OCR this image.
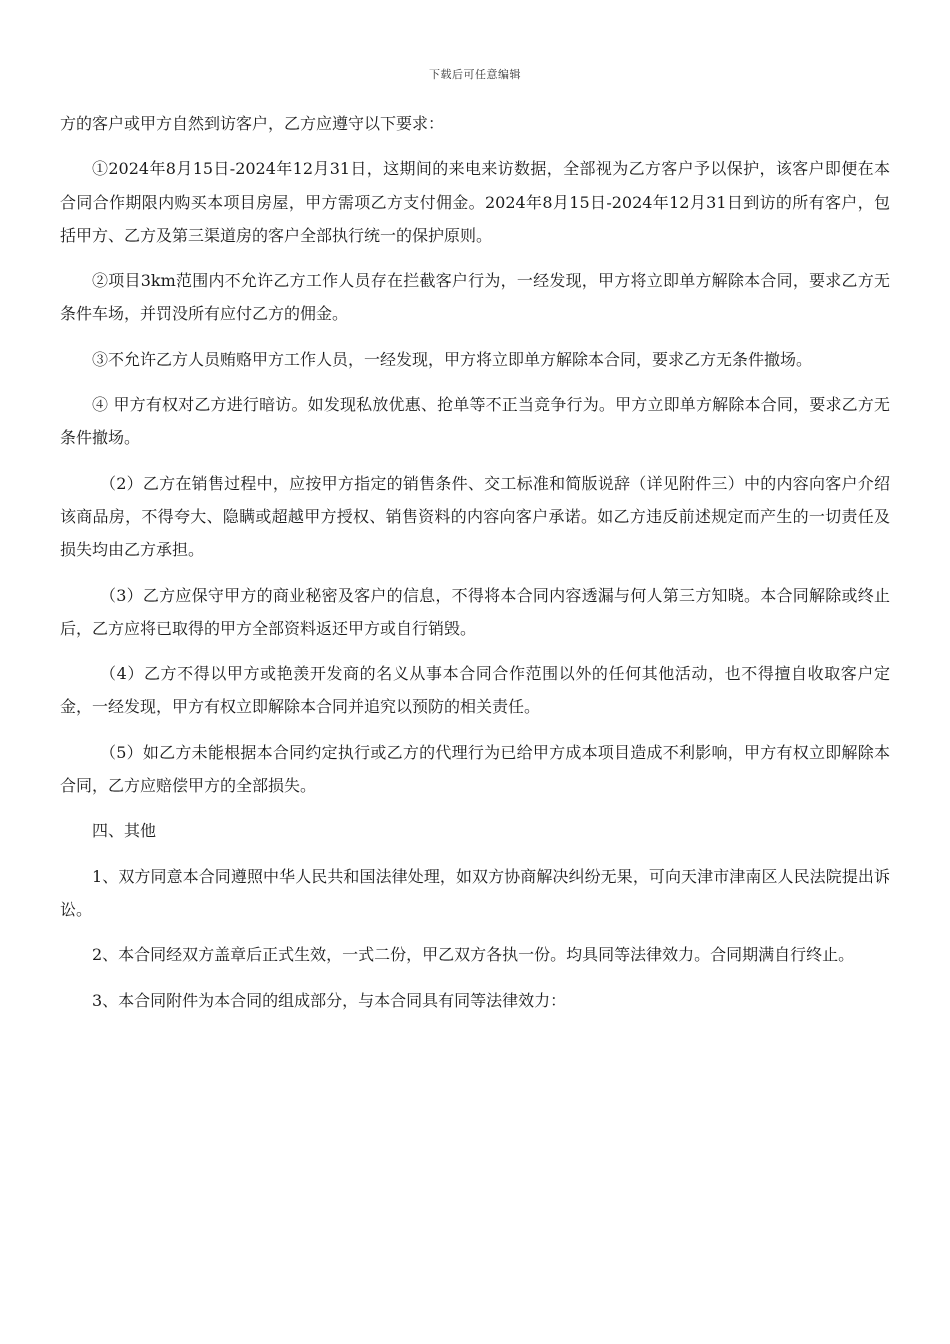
下载后可任意编辑

方的客户或甲方自然到访客户，乙方应遵守以下要求：

①2024年8月15日-2024年12月31日，这期间的来电来访数据，全部视为乙方客户予以保护，该客户即便在本合同合作期限内购买本项目房屋，甲方需项乙方支付佣金。2024年8月15日-2024年12月31日到访的所有客户，包括甲方、乙方及第三渠道房的客户全部执行统一的保护原则。

②项目3km范围内不允许乙方工作人员存在拦截客户行为，一经发现，甲方将立即单方解除本合同，要求乙方无条件车场，并罚没所有应付乙方的佣金。

③不允许乙方人员贿赂甲方工作人员，一经发现，甲方将立即单方解除本合同，要求乙方无条件撤场。

④ 甲方有权对乙方进行暗访。如发现私放优惠、抢单等不正当竞争行为。甲方立即单方解除本合同，要求乙方无条件撤场。

（2）乙方在销售过程中，应按甲方指定的销售条件、交工标准和简版说辞（详见附件三）中的内容向客户介绍该商品房，不得夸大、隐瞒或超越甲方授权、销售资料的内容向客户承诺。如乙方违反前述规定而产生的一切责任及损失均由乙方承担。

（3）乙方应保守甲方的商业秘密及客户的信息，不得将本合同内容透漏与何人第三方知晓。本合同解除或终止后，乙方应将已取得的甲方全部资料返还甲方或自行销毁。

（4）乙方不得以甲方或艳羡开发商的名义从事本合同合作范围以外的任何其他活动，也不得擅自收取客户定金，一经发现，甲方有权立即解除本合同并追究以预防的相关责任。

（5）如乙方未能根据本合同约定执行或乙方的代理行为已给甲方成本项目造成不利影响，甲方有权立即解除本合同，乙方应赔偿甲方的全部损失。

四、其他

1、双方同意本合同遵照中华人民共和国法律处理，如双方协商解决纠纷无果，可向天津市津南区人民法院提出诉讼。

2、本合同经双方盖章后正式生效，一式二份，甲乙双方各执一份。均具同等法律效力。合同期满自行终止。

3、本合同附件为本合同的组成部分，与本合同具有同等法律效力：
